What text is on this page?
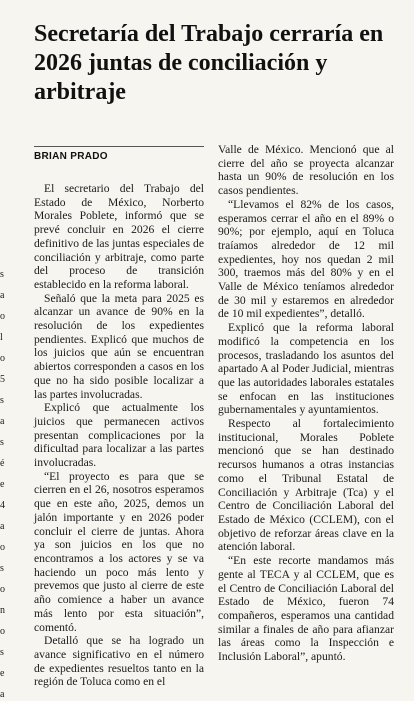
s
a
o
l
o
5
s
a
s
é
e
4
a
o
s
o
n
o
s
e
a
Secretaría del Trabajo cerraría en 2026 juntas de conciliación y arbitraje
BRIAN PRADO

El secretario del Trabajo del Estado de México, Norberto Morales Poblete, informó que se prevé concluir en 2026 el cierre definitivo de las juntas especiales de conciliación y arbitraje, como parte del proceso de transición establecido en la reforma laboral.

Señaló que la meta para 2025 es alcanzar un avance de 90% en la resolución de los expedientes pendientes. Explicó que muchos de los juicios que aún se encuentran abiertos corresponden a casos en los que no ha sido posible localizar a las partes involucradas.

Explicó que actualmente los juicios que permanecen activos presentan complicaciones por la dificultad para localizar a las partes involucradas.

“El proyecto es para que se cierren en el 26, nosotros esperamos que en este año, 2025, demos un jalón importante y en 2026 poder concluir el cierre de juntas. Ahora ya son juicios en los que no encontramos a los actores y se va haciendo un poco más lento y prevemos que justo al cierre de este año comience a haber un avance más lento por esta situación”, comentó.

Detalló que se ha logrado un avance significativo en el número de expedientes resueltos tanto en la región de Toluca como en el

Valle de México. Mencionó que al cierre del año se proyecta alcanzar hasta un 90% de resolución en los casos pendientes.

“Llevamos el 82% de los casos, esperamos cerrar el año en el 89% o 90%; por ejemplo, aquí en Toluca traíamos alrededor de 12 mil expedientes, hoy nos quedan 2 mil 300, traemos más del 80% y en el Valle de México teníamos alrededor de 30 mil y estaremos en alrededor de 10 mil expedientes”, detalló.

Explicó que la reforma laboral modificó la competencia en los procesos, trasladando los asuntos del apartado A al Poder Judicial, mientras que las autoridades laborales estatales se enfocan en las instituciones gubernamentales y ayuntamientos.

Respecto al fortalecimiento institucional, Morales Poblete mencionó que se han destinado recursos humanos a otras instancias como el Tribunal Estatal de Conciliación y Arbitraje (Tca) y el Centro de Conciliación Laboral del Estado de México (CCLEM), con el objetivo de reforzar áreas clave en la atención laboral.

“En este recorte mandamos más gente al TECA y al CCLEM, que es el Centro de Conciliación Laboral del Estado de México, fueron 74 compañeros, esperamos una cantidad similar a finales de año para afianzar las áreas como la Inspección e Inclusión Laboral”, apuntó.
